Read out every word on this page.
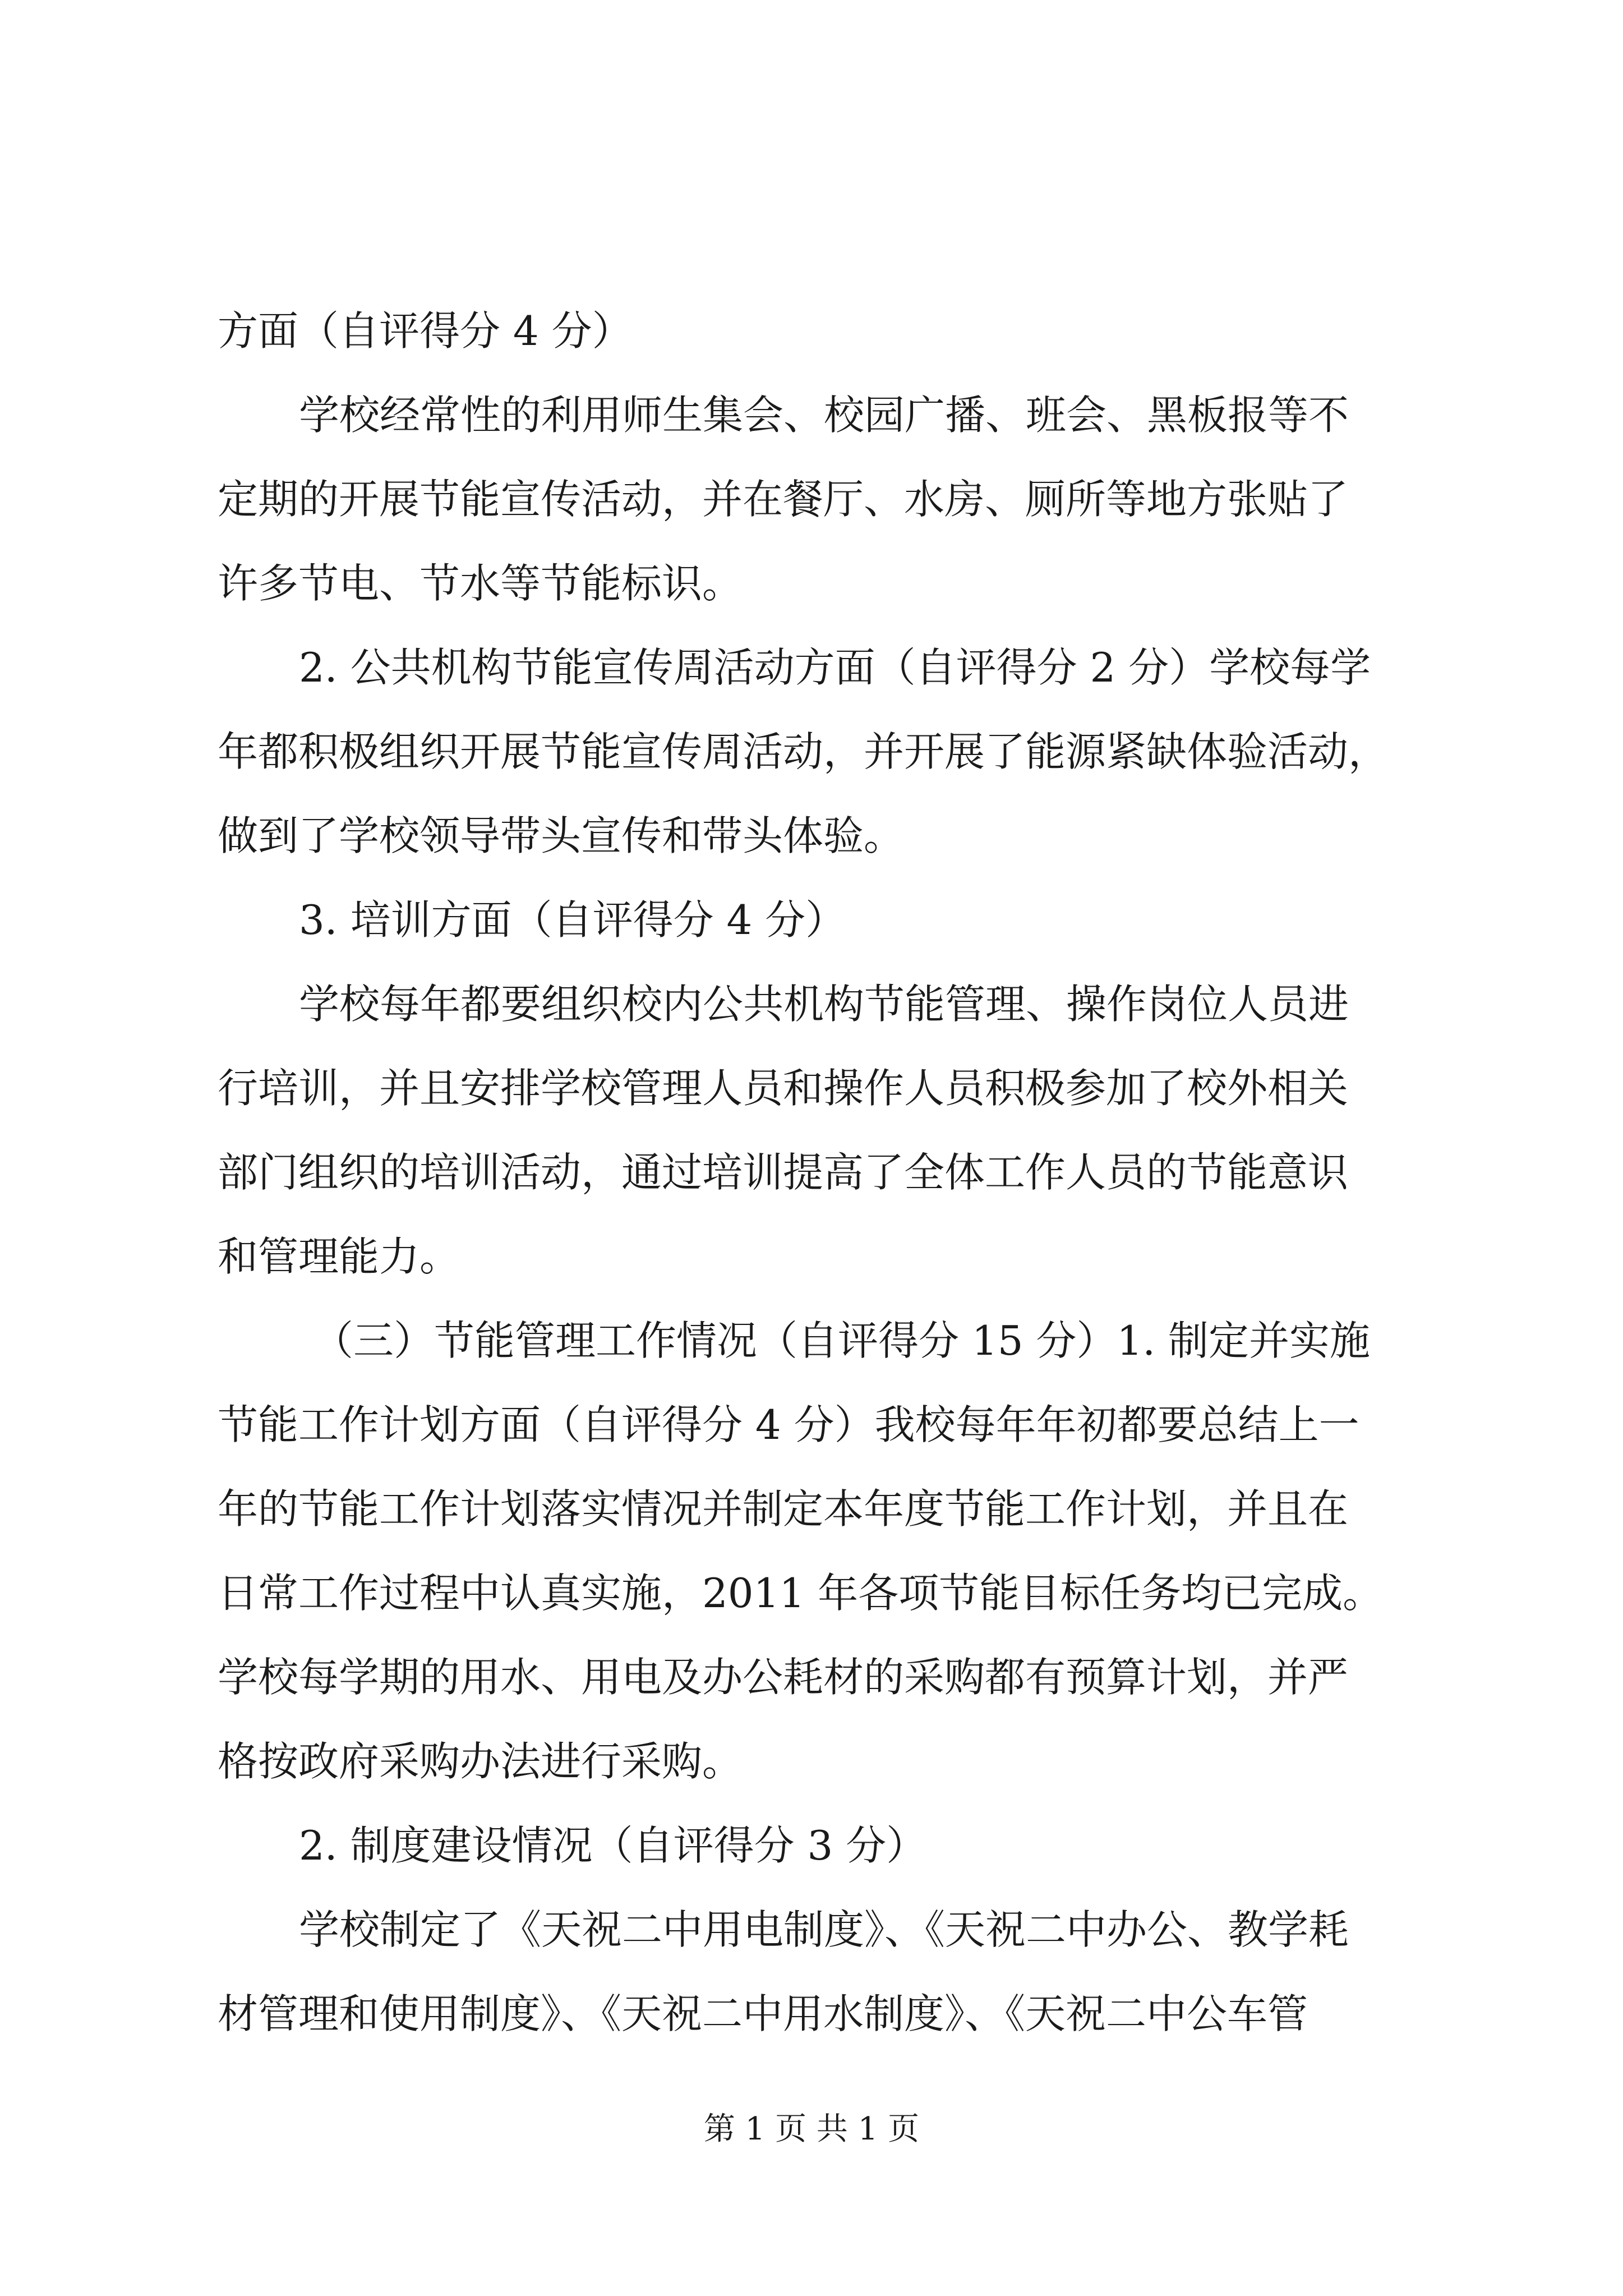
方面（自评得分 4 分）
学校经常性的利用师生集会、校园广播、班会、黑板报等不
定期的开展节能宣传活动，并在餐厅、水房、厕所等地方张贴了
许多节电、节水等节能标识。
2. 公共机构节能宣传周活动方面（自评得分 2 分）学校每学
年都积极组织开展节能宣传周活动，并开展了能源紧缺体验活动，
做到了学校领导带头宣传和带头体验。
3. 培训方面（自评得分 4 分）
学校每年都要组织校内公共机构节能管理、操作岗位人员进
行培训，并且安排学校管理人员和操作人员积极参加了校外相关
部门组织的培训活动，通过培训提高了全体工作人员的节能意识
和管理能力。
（三）节能管理工作情况（自评得分 15 分）1. 制定并实施
节能工作计划方面（自评得分 4 分）我校每年年初都要总结上一
年的节能工作计划落实情况并制定本年度节能工作计划，并且在
日常工作过程中认真实施，2011 年各项节能目标任务均已完成。
学校每学期的用水、用电及办公耗材的采购都有预算计划，并严
格按政府采购办法进行采购。
2. 制度建设情况（自评得分 3 分）
学校制定了《天祝二中用电制度》、《天祝二中办公、教学耗
材管理和使用制度》、《天祝二中用水制度》、《天祝二中公车管
第 1 页 共 1 页
